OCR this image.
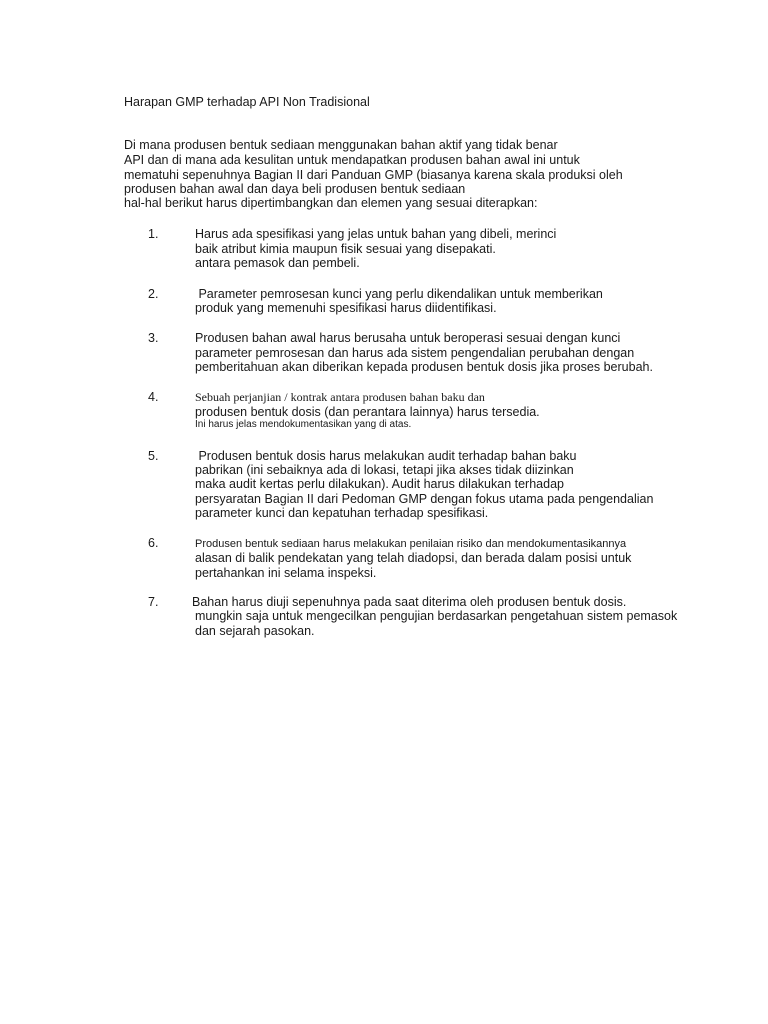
Harapan GMP terhadap API Non Tradisional
Di mana produsen bentuk sediaan menggunakan bahan aktif yang tidak benar
API dan di mana ada kesulitan untuk mendapatkan produsen bahan awal ini untuk
mematuhi sepenuhnya Bagian II dari Panduan GMP (biasanya karena skala produksi oleh
produsen bahan awal dan daya beli produsen bentuk sediaan
hal-hal berikut harus dipertimbangkan dan elemen yang sesuai diterapkan:
1.	Harus ada spesifikasi yang jelas untuk bahan yang dibeli, merinci
baik atribut kimia maupun fisik sesuai yang disepakati.
antara pemasok dan pembeli.
2.	Parameter pemrosesan kunci yang perlu dikendalikan untuk memberikan
produk yang memenuhi spesifikasi harus diidentifikasi.
3.	Produsen bahan awal harus berusaha untuk beroperasi sesuai dengan kunci
parameter pemrosesan dan harus ada sistem pengendalian perubahan dengan
pemberitahuan akan diberikan kepada produsen bentuk dosis jika proses berubah.
4.	Sebuah perjanjian / kontrak antara produsen bahan baku dan
produsen bentuk dosis (dan perantara lainnya) harus tersedia.
Ini harus jelas mendokumentasikan yang di atas.
5.	Produsen bentuk dosis harus melakukan audit terhadap bahan baku
pabrikan (ini sebaiknya ada di lokasi, tetapi jika akses tidak diizinkan
maka audit kertas perlu dilakukan). Audit harus dilakukan terhadap
persyaratan Bagian II dari Pedoman GMP dengan fokus utama pada pengendalian
parameter kunci dan kepatuhan terhadap spesifikasi.
6.	Produsen bentuk sediaan harus melakukan penilaian risiko dan mendokumentasikannya
alasan di balik pendekatan yang telah diadopsi, dan berada dalam posisi untuk
pertahankan ini selama inspeksi.
7.	Bahan harus diuji sepenuhnya pada saat diterima oleh produsen bentuk dosis.
mungkin saja untuk mengecilkan pengujian berdasarkan pengetahuan sistem pemasok
dan sejarah pasokan.
